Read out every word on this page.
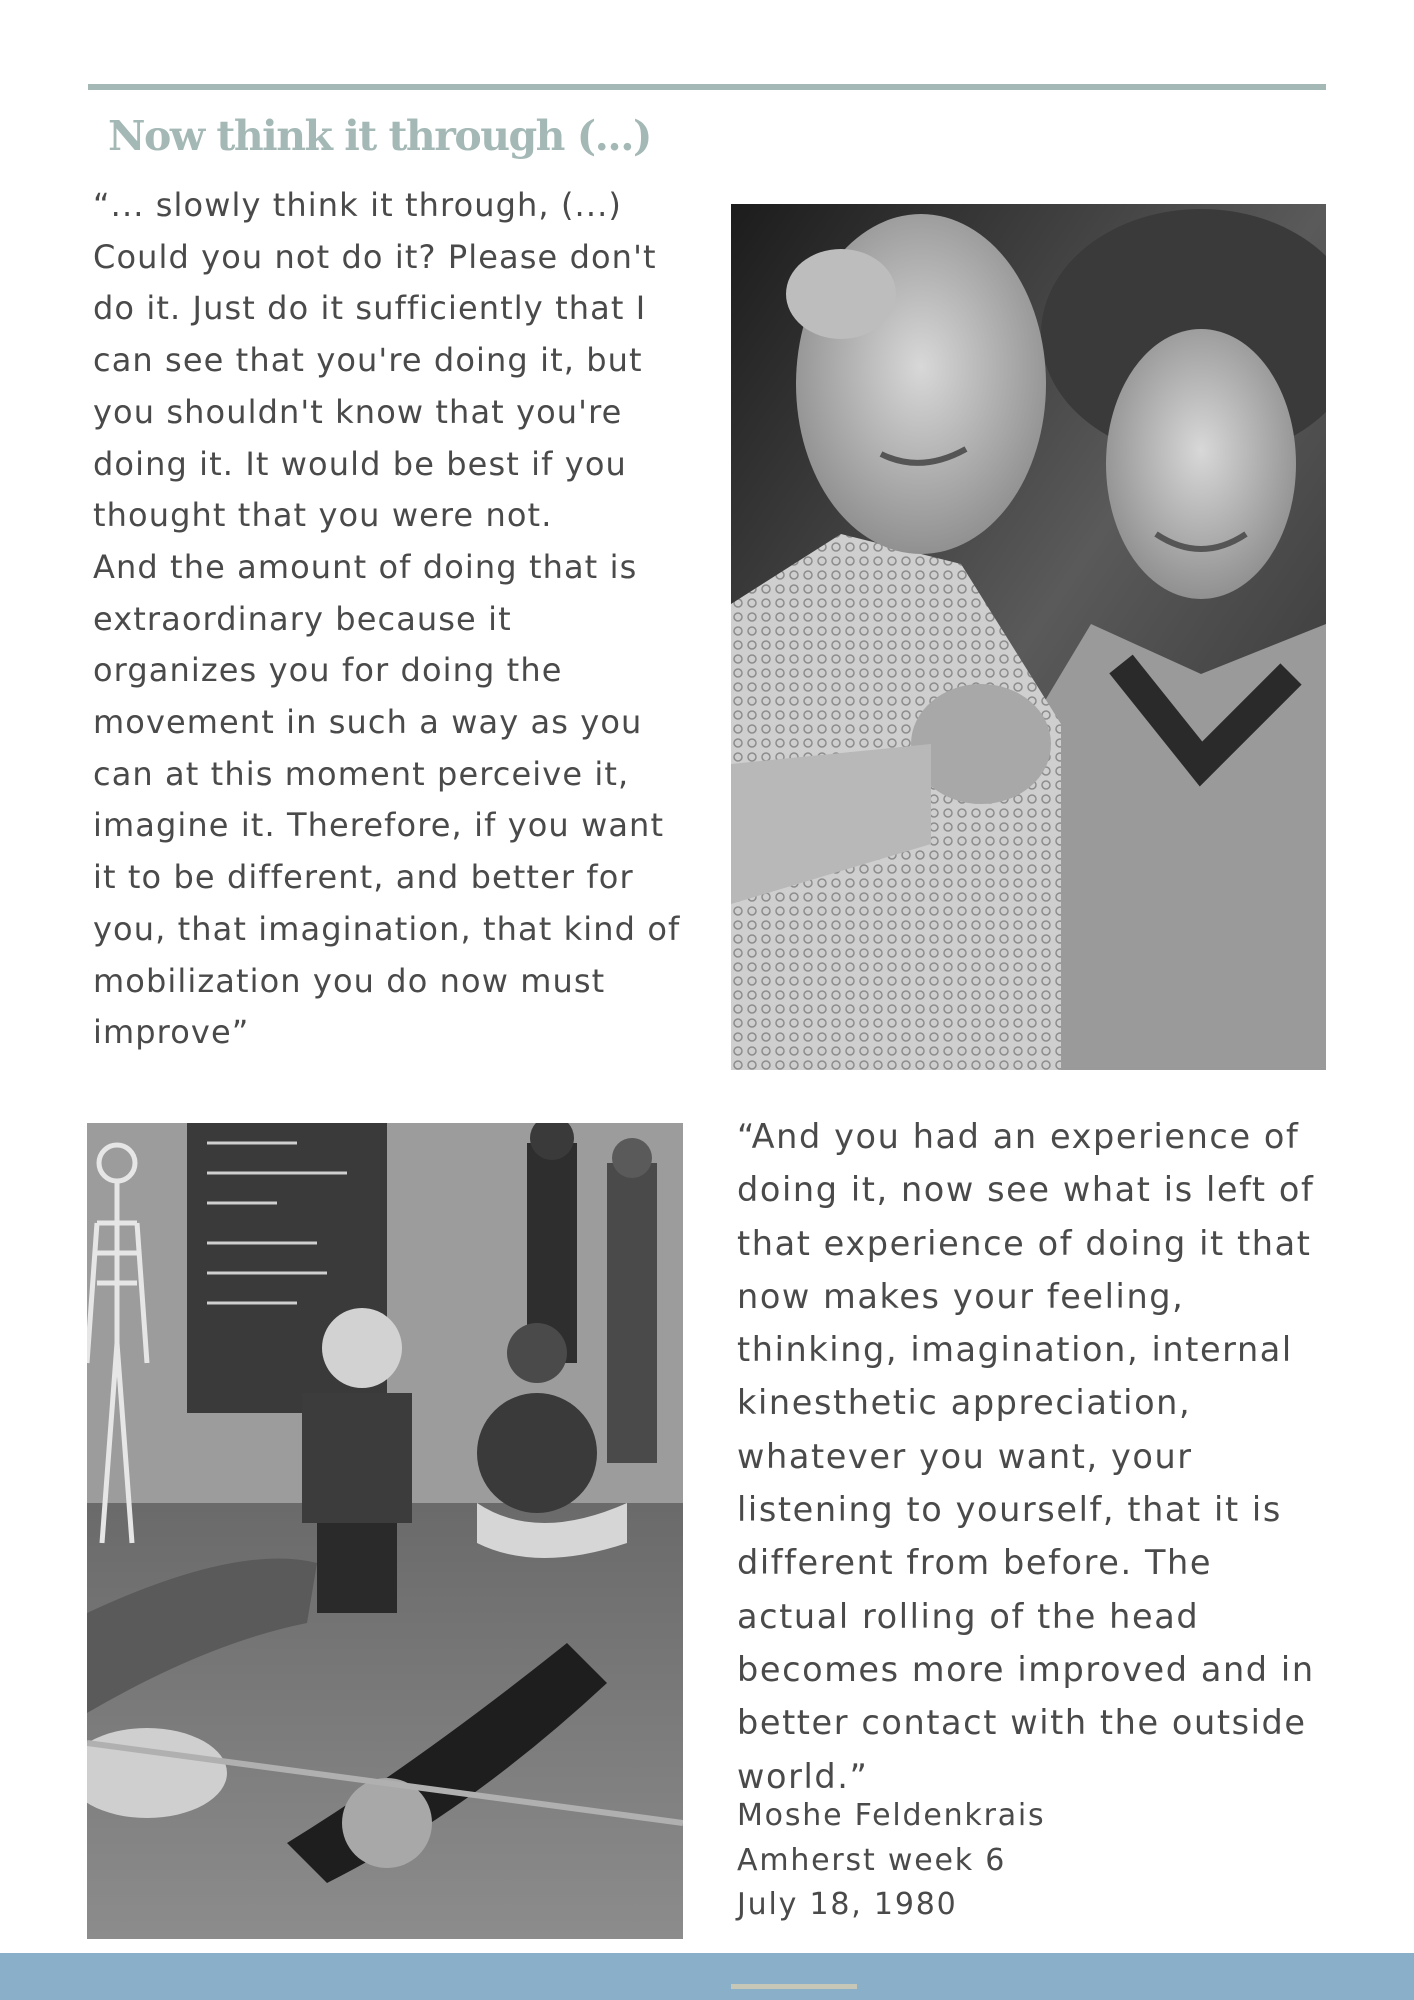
Now think it through (...)

“... slowly think it through, (...) Could you not do it? Please don't do it. Just do it sufficiently that I can see that you're doing it, but you shouldn't know that you're doing it. It would be best if you thought that you were not.

And the amount of doing that is extraordinary because it organizes you for doing the movement in such a way as you can at this moment perceive it, imagine it. Therefore, if you want it to be different, and better for you, that imagination, that kind of mobilization you do now must improve”

“And you had an experience of doing it, now see what is left of that experience of doing it that now makes your feeling, thinking, imagination, internal kinesthetic appreciation, whatever you want, your listening to yourself, that it is different from before. The actual rolling of the head becomes more improved and in better contact with the outside world.”
Moshe Feldenkrais
Amherst week 6
July 18, 1980
